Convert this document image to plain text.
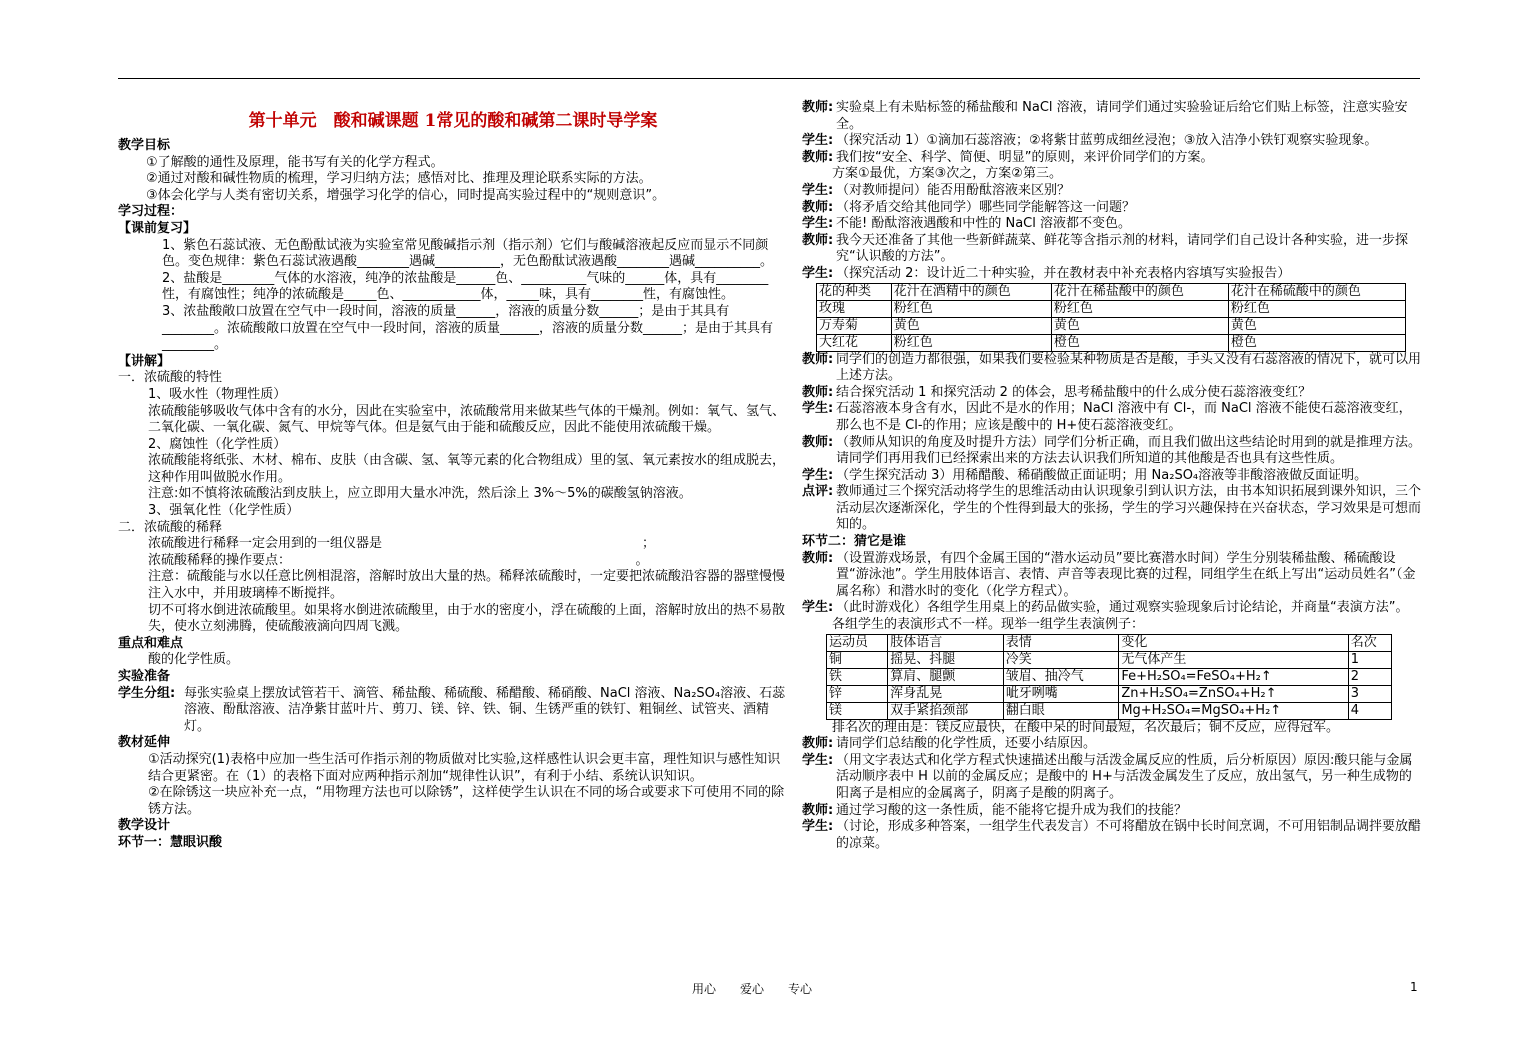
第十单元　酸和碱课题 1常见的酸和碱第二课时导学案
教学目标
①了解酸的通性及原理，能书写有关的化学方程式。
②通过对酸和碱性物质的梳理，学习归纳方法；感悟对比、推理及理论联系实际的方法。
③体会化学与人类有密切关系，增强学习化学的信心，同时提高实验过程中的“规则意识”。
学习过程：
【课前复习】
1、紫色石蕊试液、无色酚酞试液为实验室常见酸碱指示剂（指示剂）它们与酸碱溶液起反应而显示不同颜色。变色规律：紫色石蕊试液遇酸________遇碱__________，无色酚酞试液遇酸________遇碱__________。
2、盐酸是________气体的水溶液，纯净的浓盐酸是______色、__________气味的______体，具有________性，有腐蚀性；纯净的浓硫酸是_____色、____________体，_____味，具有________性，有腐蚀性。
3、浓盐酸敞口放置在空气中一段时间，溶液的质量______，溶液的质量分数______；是由于其具有________。浓硫酸敞口放置在空气中一段时间，溶液的质量______，溶液的质量分数______；是由于其具有________。
【讲解】
一．浓硫酸的特性
1、吸水性（物理性质）
浓硫酸能够吸收气体中含有的水分，因此在实验室中，浓硫酸常用来做某些气体的干燥剂。例如：氧气、氢气、二氧化碳、一氧化碳、氮气、甲烷等气体。但是氨气由于能和硫酸反应，因此不能使用浓硫酸干燥。
2、腐蚀性（化学性质）
浓硫酸能将纸张、木材、棉布、皮肤（由含碳、氢、氧等元素的化合物组成）里的氢、氧元素按水的组成脱去，这种作用叫做脱水作用。
注意:如不慎将浓硫酸沾到皮肤上，应立即用大量水冲洗，然后涂上 3%～5%的碳酸氢钠溶液。
3、强氧化性（化学性质）
二．浓硫酸的稀释
浓硫酸进行稀释一定会用到的一组仪器是　　　　　　　　　　　　　　　　　　　　；
浓硫酸稀释的操作要点：　　　　　　　　　　　　　　　　　　　　　　　　　　　。
注意：硫酸能与水以任意比例相混溶，溶解时放出大量的热。稀释浓硫酸时，一定要把浓硫酸沿容器的器壁慢慢注入水中，并用玻璃棒不断搅拌。
切不可将水倒进浓硫酸里。如果将水倒进浓硫酸里，由于水的密度小，浮在硫酸的上面，溶解时放出的热不易散失，使水立刻沸腾，使硫酸液滴向四周飞溅。
重点和难点
酸的化学性质。
实验准备
学生分组: 每张实验桌上摆放试管若干、滴管、稀盐酸、稀硫酸、稀醋酸、稀硝酸、NaCl 溶液、Na₂SO₄溶液、石蕊溶液、酚酞溶液、洁净紫甘蓝叶片、剪刀、镁、锌、铁、铜、生锈严重的铁钉、粗铜丝、试管夹、酒精灯。
教材延伸
①活动探究(1)表格中应加一些生活可作指示剂的物质做对比实验,这样感性认识会更丰富，理性知识与感性知识结合更紧密。在（1）的表格下面对应两种指示剂加“规律性认识”，有利于小结、系统认识知识。
②在除锈这一块应补充一点，“用物理方法也可以除锈”，这样使学生认识在不同的场合或要求下可使用不同的除锈方法。
教学设计
环节一：慧眼识酸
教师: 实验桌上有未贴标签的稀盐酸和 NaCl 溶液，请同学们通过实验验证后给它们贴上标签，注意实验安全。
学生: （探究活动 1）①滴加石蕊溶液；②将紫甘蓝剪成细丝浸泡；③放入洁净小铁钉观察实验现象。
教师: 我们按“安全、科学、简便、明显”的原则，来评价同学们的方案。
方案①最优，方案③次之，方案②第三。
学生: （对教师提问）能否用酚酞溶液来区别？
教师: （将矛盾交给其他同学）哪些同学能解答这一问题？
学生: 不能! 酚酞溶液遇酸和中性的 NaCl 溶液都不变色。
教师: 我今天还准备了其他一些新鲜蔬菜、鲜花等含指示剂的材料，请同学们自己设计各种实验，进一步探究“认识酸的方法”。
学生: （探究活动 2：设计近二十种实验，并在教材表中补充表格内容填写实验报告）
花的种类	花汁在酒精中的颜色	花汁在稀盐酸中的颜色	花汁在稀硫酸中的颜色
玫瑰	粉红色	粉红色	粉红色
万寿菊	黄色	黄色	黄色
大红花	粉红色	橙色	橙色
教师: 同学们的创造力都很强，如果我们要检验某种物质是否是酸，手头又没有石蕊溶液的情况下，就可以用上述方法。
教师: 结合探究活动 1 和探究活动 2 的体会，思考稀盐酸中的什么成分使石蕊溶液变红？
学生: 石蕊溶液本身含有水，因此不是水的作用；NaCl 溶液中有 Cl-，而 NaCl 溶液不能使石蕊溶液变红，那么也不是 Cl-的作用；应该是酸中的 H+使石蕊溶液变红。
教师: （教师从知识的角度及时提升方法）同学们分析正确，而且我们做出这些结论时用到的就是推理方法。请同学们再用我们已经探索出来的方法去认识我们所知道的其他酸是否也具有这些性质。
学生: （学生探究活动 3）用稀醋酸、稀硝酸做正面证明；用 Na₂SO₄溶液等非酸溶液做反面证明。
点评: 教师通过三个探究活动将学生的思维活动由认识现象引到认识方法，由书本知识拓展到课外知识，三个活动层次逐渐深化，学生的个性得到最大的张扬，学生的学习兴趣保持在兴奋状态，学习效果是可想而知的。
环节二：猜它是谁
教师: （设置游戏场景，有四个金属王国的“潜水运动员”要比赛潜水时间）学生分别装稀盐酸、稀硫酸设置“游泳池”。学生用肢体语言、表情、声音等表现比赛的过程，同组学生在纸上写出“运动员姓名”（金属名称）和潜水时的变化（化学方程式）。
学生: （此时游戏化）各组学生用桌上的药品做实验，通过观察实验现象后讨论结论，并商量“表演方法”。
各组学生的表演形式不一样。现举一组学生表演例子：
运动员	肢体语言	表情	变化	名次
铜	摇晃、抖腿	冷笑	无气体产生	1
铁	算肩、腿颤	皱眉、抽冷气	Fe+H₂SO₄=FeSO₄+H₂↑	2
锌	浑身乱晃	呲牙咧嘴	Zn+H₂SO₄=ZnSO₄+H₂↑	3
镁	双手紧掐颈部	翻白眼	Mg+H₂SO₄=MgSO₄+H₂↑	4
排名次的理由是：镁反应最快，在酸中呆的时间最短，名次最后；铜不反应，应得冠军。
教师: 请同学们总结酸的化学性质，还要小结原因。
学生: （用文字表达式和化学方程式快速描述出酸与活泼金属反应的性质，后分析原因）原因:酸只能与金属活动顺序表中 H 以前的金属反应；是酸中的 H+与活泼金属发生了反应，放出氢气，另一种生成物的阳离子是相应的金属离子，阴离子是酸的阴离子。
教师: 通过学习酸的这一条性质，能不能将它提升成为我们的技能？
学生: （讨论，形成多种答案，一组学生代表发言）不可将醋放在锅中长时间烹调，不可用铝制品调拌要放醋的凉菜。
用心　　爱心　　专心	1
